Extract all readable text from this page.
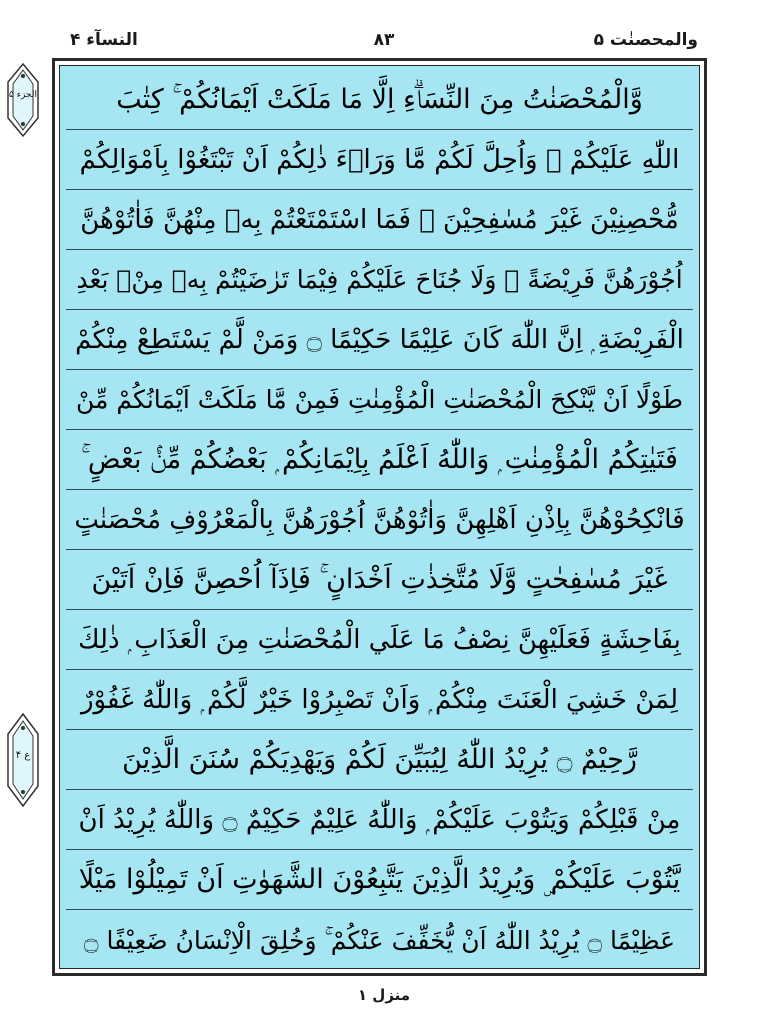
والمحصنٰت ۵
۸۳
النسآء ۴
الجزء ۵
ع ۴
وَّالْمُحْصَنٰتُ مِنَ النِّسَاۗءِ اِلَّا مَا مَلَكَتْ اَيْمَانُكُمْ ۚ كِتٰبَ
اللّٰهِ عَلَيْكُمْ ۚ وَاُحِلَّ لَكُمْ مَّا وَرَاۗءَ ذٰلِكُمْ اَنْ تَبْتَغُوْا بِاَمْوَالِكُمْ
مُّحْصِنِيْنَ غَيْرَ مُسٰفِحِيْنَ ۭ فَمَا اسْتَمْتَعْتُمْ بِهٖ مِنْهُنَّ فَاٰتُوْهُنَّ
اُجُوْرَهُنَّ فَرِيْضَةً ۭ وَلَا جُنَاحَ عَلَيْكُمْ فِيْمَا تَرٰضَيْتُمْ بِهٖ مِنْۢ بَعْدِ
الْفَرِيْضَةِ ۭ اِنَّ اللّٰهَ كَانَ عَلِيْمًا حَكِيْمًا ۝ وَمَنْ لَّمْ يَسْتَطِعْ مِنْكُمْ
طَوْلًا اَنْ يَّنْكِحَ الْمُحْصَنٰتِ الْمُؤْمِنٰتِ فَمِنْ مَّا مَلَكَتْ اَيْمَانُكُمْ مِّنْ
فَتَيٰتِكُمُ الْمُؤْمِنٰتِ ۭ وَاللّٰهُ اَعْلَمُ بِاِيْمَانِكُمْ ۭ بَعْضُكُمْ مِّنْۢ بَعْضٍ ۚ
فَانْكِحُوْهُنَّ بِاِذْنِ اَھْلِهِنَّ وَاٰتُوْهُنَّ اُجُوْرَهُنَّ بِالْمَعْرُوْفِ مُحْصَنٰتٍ
غَيْرَ مُسٰفِحٰتٍ وَّلَا مُتَّخِذٰتِ اَخْدَانٍ ۚ فَاِذَآ اُحْصِنَّ فَاِنْ اَتَيْنَ
بِفَاحِشَةٍ فَعَلَيْهِنَّ نِصْفُ مَا عَلَي الْمُحْصَنٰتِ مِنَ الْعَذَابِ ۭ ذٰلِكَ
لِمَنْ خَشِيَ الْعَنَتَ مِنْكُمْ ۭ وَاَنْ تَصْبِرُوْا خَيْرٌ لَّكُمْ ۭ وَاللّٰهُ غَفُوْرٌ
رَّحِيْمٌ ۝ يُرِيْدُ اللّٰهُ لِيُبَيِّنَ لَكُمْ وَيَهْدِيَكُمْ سُنَنَ الَّذِيْنَ
مِنْ قَبْلِكُمْ وَيَتُوْبَ عَلَيْكُمْ ۭ وَاللّٰهُ عَلِيْمٌ حَكِيْمٌ ۝ وَاللّٰهُ يُرِيْدُ اَنْ
يَّتُوْبَ عَلَيْكُمْ ۣ وَيُرِيْدُ الَّذِيْنَ يَتَّبِعُوْنَ الشَّهَوٰتِ اَنْ تَمِيْلُوْا مَيْلًا
عَظِيْمًا ۝ يُرِيْدُ اللّٰهُ اَنْ يُّخَفِّفَ عَنْكُمْ ۚ وَخُلِقَ الْاِنْسَانُ ضَعِيْفًا ۝
منزل ۱
